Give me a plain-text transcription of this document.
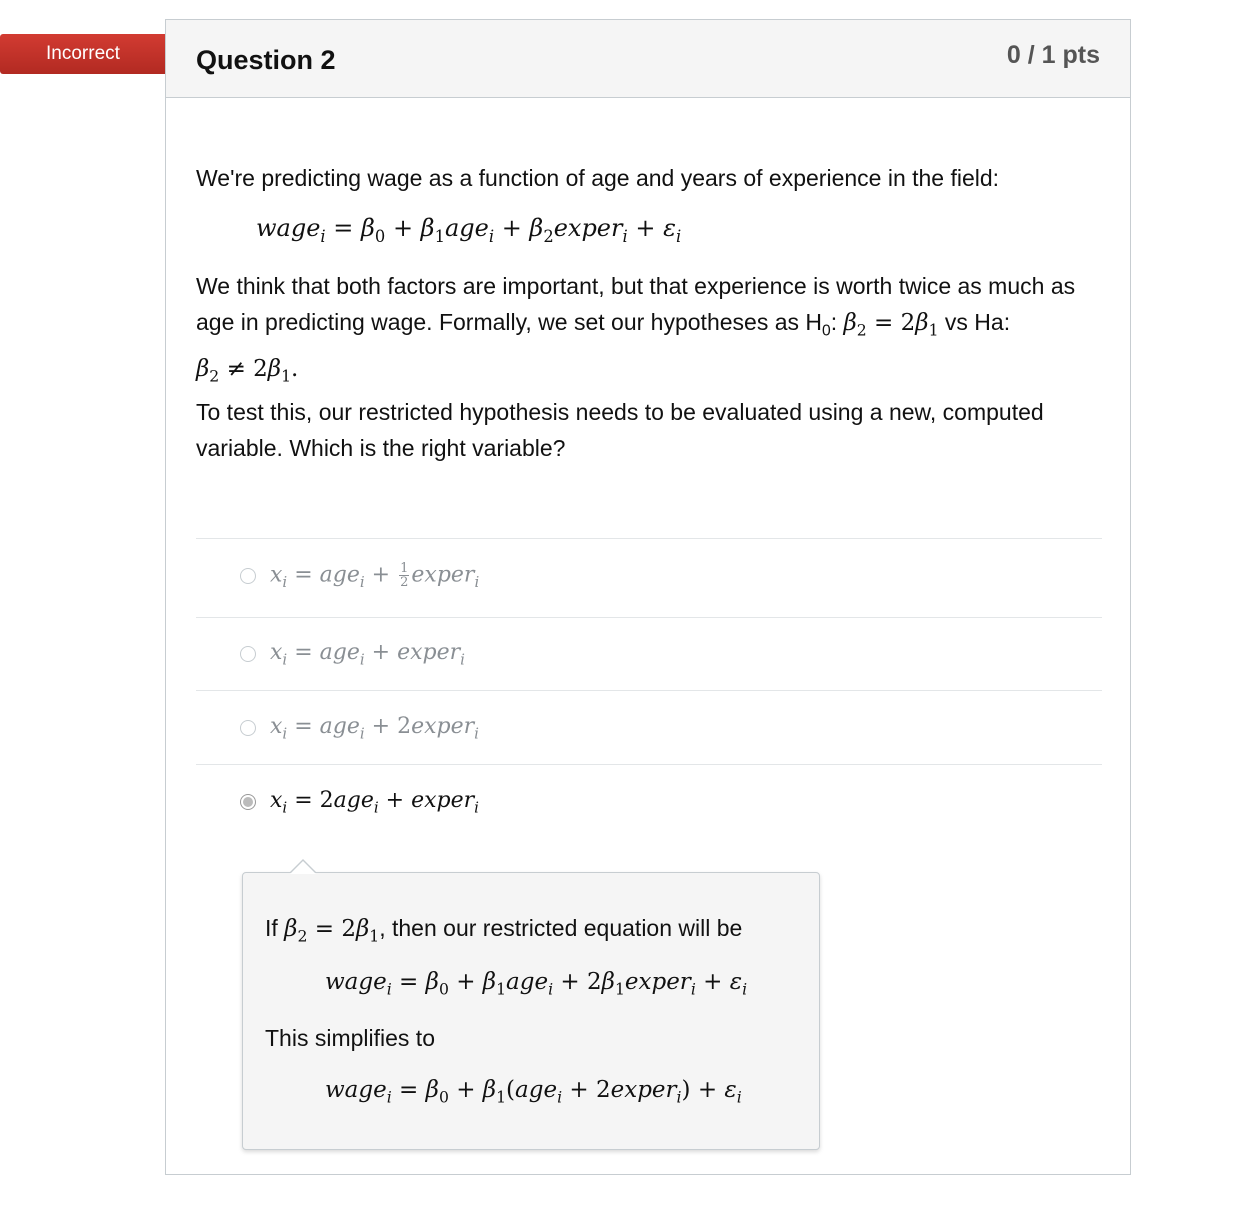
Incorrect	Question 2	0 / 1 pts

We're predicting wage as a function of age and years of experience in the field:

wage$_i$ = $\beta_0 + \beta_1age_i$ + $\beta_2exper_i + \varepsilon_i$

We think that both factors are important, but that experience is worth twice as much as age in predicting wage. Formally, we set our hypotheses as $H_0$: $\beta_2 = 2\beta_1$ vs Ha:
$\beta_2 \ne 2\beta_1$.

To test this, our restricted hypothesis needs to be evaluated using a new, computed variable. Which is the right variable?

$x_i = age_i + \frac{1}{2}$ exper$_i$
$x_i = age_i$ + exper$_i$
$x_i = age_i$ + 2exper$_i$
$x_i = 2age_i$ + exper$_i$
If $\beta_2 = 2\beta_1$, then our restricted equation will be
wage$_i$ = $\beta_0 + \beta_1age_i$ + $2\beta_1exper_i + \varepsilon_i$
This simplifies to
wage$_i$ = $\beta_0 + \beta_1(age_i$ + 2exper$_i$) + $\varepsilon_i$
